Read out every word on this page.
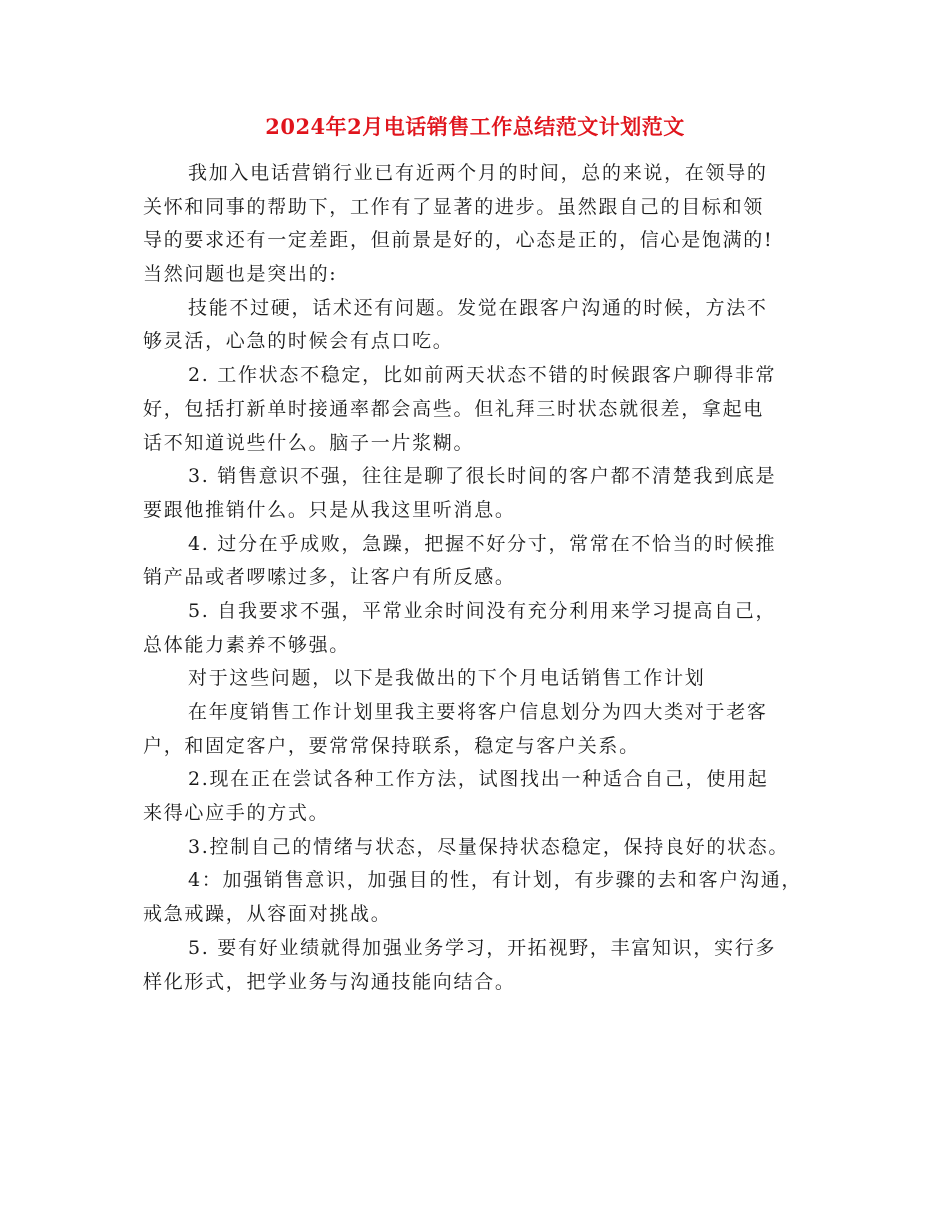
2024年2月电话销售工作总结范文计划范文
我加入电话营销行业已有近两个月的时间，总的来说，在领导的
关怀和同事的帮助下，工作有了显著的进步。虽然跟自己的目标和领
导的要求还有一定差距，但前景是好的，心态是正的，信心是饱满的!
当然问题也是突出的:
技能不过硬，话术还有问题。发觉在跟客户沟通的时候，方法不
够灵活，心急的时候会有点口吃。
2. 工作状态不稳定，比如前两天状态不错的时候跟客户聊得非常
好，包括打新单时接通率都会高些。但礼拜三时状态就很差，拿起电
话不知道说些什么。脑子一片浆糊。
3. 销售意识不强，往往是聊了很长时间的客户都不清楚我到底是
要跟他推销什么。只是从我这里听消息。
4. 过分在乎成败，急躁，把握不好分寸，常常在不恰当的时候推
销产品或者啰嗦过多，让客户有所反感。
5. 自我要求不强，平常业余时间没有充分利用来学习提高自己，
总体能力素养不够强。
对于这些问题，以下是我做出的下个月电话销售工作计划
在年度销售工作计划里我主要将客户信息划分为四大类对于老客
户，和固定客户，要常常保持联系，稳定与客户关系。
2.现在正在尝试各种工作方法，试图找出一种适合自己，使用起
来得心应手的方式。
3.控制自己的情绪与状态，尽量保持状态稳定，保持良好的状态。
4：加强销售意识，加强目的性，有计划，有步骤的去和客户沟通，
戒急戒躁，从容面对挑战。
5. 要有好业绩就得加强业务学习，开拓视野，丰富知识，实行多
样化形式，把学业务与沟通技能向结合。
